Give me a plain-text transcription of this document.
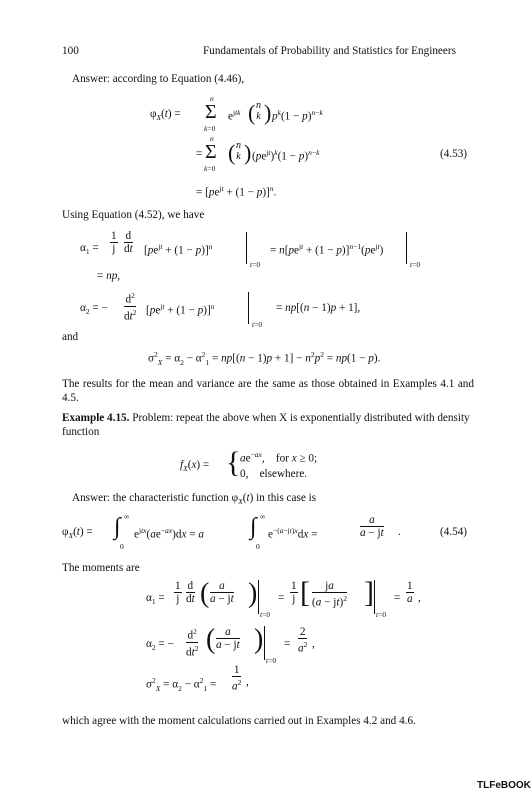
100	Fundamentals of Probability and Statistics for Engineers
Answer: according to Equation (4.46),
$\varphi_X(t) = \Sigma$
n
k=0
$e^{jtk}$ ( n
k ) $p^k(1 - p)^{n-k}$
= Σ
n
k=0
( n
k ) $(pe^{jt})^k(1 - p)^{n-k}$	(4.53)
= $[pe^{jt} + (1 - p)]^n$.
Using Equation (4.52), we have
$\alpha_1 = \frac{1}{j} \frac{d}{dt} [pe^{jt} + (1 - p)]^n$
t=0
= $n[pe^{jt} + (1 - p)]^{n-1}(pe^{jt})$
t=0
= np,
$\alpha_2$ = − $\frac{d^2}{dt^2} [pe^{jt} + (1 - p)]^n$
t=0
= np[(n − 1)p + 1],
and
$\sigma^2_X = \alpha_2 - \alpha^2_1 = np[(n - 1)p + 1] - n^2p^2 = np(1 - p)$.
The results for the mean and variance are the same as those obtained in Examples 4.1 and 4.5.
Example 4.15. Problem: repeat the above when X is exponentially distributed with density function
$f_X(x)$ = { $ae^{-ax}$,    for x ≥ 0;
0,    elsewhere.
Answer: the characteristic function $\varphi_X(t)$ in this case is
$\varphi_X(t)$ = ∫ ∞
0
$e^{jtx}(ae^{-ax})dx = a$ ∫ ∞
0
$e^{-(a-jt)x}dx$ =	$\frac{a}{a - jt}$ .	(4.54)
The moments are
$\alpha_1 = \frac{1}{j} \frac{d}{dt}$ ( $\frac{a}{a - jt}$ )
t=0
= $\frac{1}{j}$ [ $\frac{ja}{(a - jt)^2}$ ]
t=0
= $\frac{1}{a}$ ,
$\alpha_2$ = − $\frac{d^2}{dt^2}$ ( $\frac{a}{a - jt}$ )
t=0
= $\frac{2}{a^2}$ ,
$\sigma^2_X = \alpha_2 - \alpha^2_1 = \frac{1}{a^2}$ ,
which agree with the moment calculations carried out in Examples 4.2 and 4.6.
TLFeBOOK
